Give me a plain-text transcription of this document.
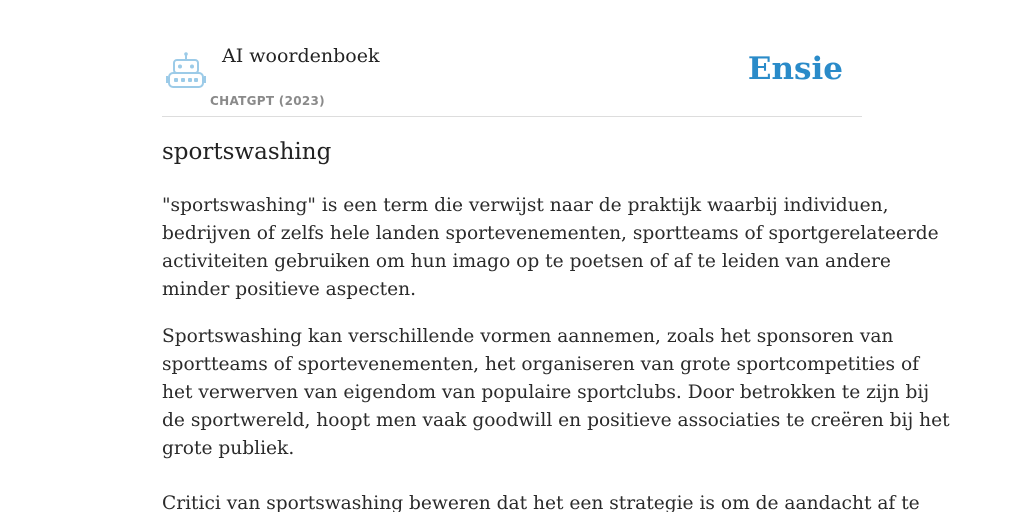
AI woordenboek
CHATGPT (2023)
Ensie
sportswashing

"sportswashing" is een term die verwijst naar de praktijk waarbij individuen,
bedrijven of zelfs hele landen sportevenementen, sportteams of sportgerelateerde
activiteiten gebruiken om hun imago op te poetsen of af te leiden van andere
minder positieve aspecten.

Sportswashing kan verschillende vormen aannemen, zoals het sponsoren van
sportteams of sportevenementen, het organiseren van grote sportcompetities of
het verwerven van eigendom van populaire sportclubs. Door betrokken te zijn bij
de sportwereld, hoopt men vaak goodwill en positieve associaties te creëren bij het
grote publiek.

Critici van sportswashing beweren dat het een strategie is om de aandacht af te
